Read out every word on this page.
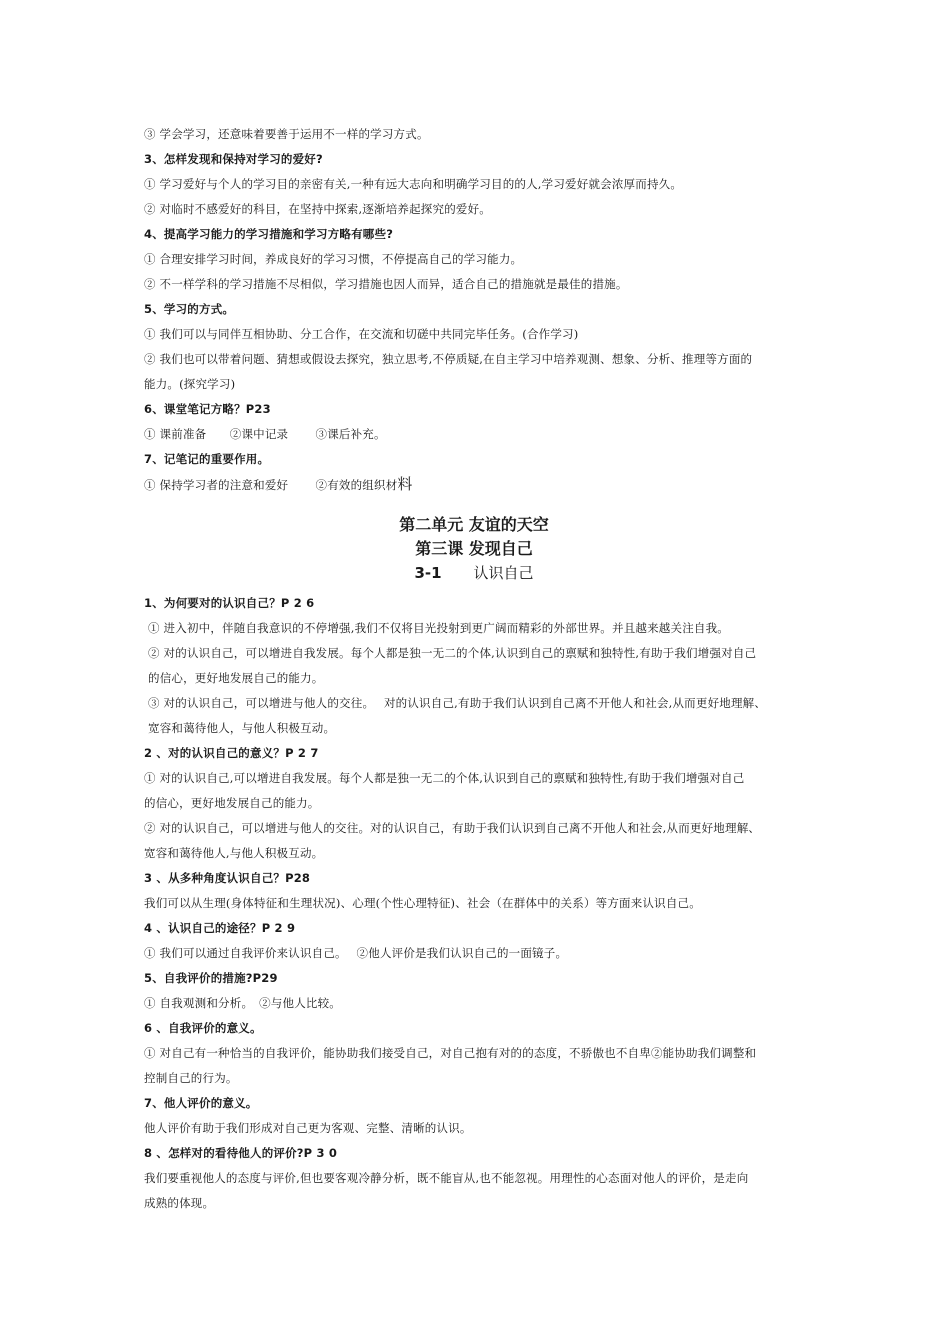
③ 学会学习，还意味着要善于运用不一样的学习方式。
3、怎样发现和保持对学习的爱好?
① 学习爱好与个人的学习目的亲密有关,一种有远大志向和明确学习目的的人,学习爱好就会浓厚而持久。
② 对临时不感爱好的科目，在坚持中探索,逐渐培养起探究的爱好。
4、提高学习能力的学习措施和学习方略有哪些?
① 合理安排学习时间，养成良好的学习习惯，不停提高自己的学习能力。
② 不一样学科的学习措施不尽相似，学习措施也因人而异，适合自己的措施就是最佳的措施。
5、学习的方式。
① 我们可以与同伴互相协助、分工合作，在交流和切磋中共同完毕任务。(合作学习)
② 我们也可以带着问题、猜想或假设去探究，独立思考,不停质疑,在自主学习中培养观测、想象、分析、推理等方面的
能力。(探究学习)
6、课堂笔记方略？P23
① 课前准备　　②课中记录　　 ③课后补充。
7、记笔记的重要作用。
① 保持学习者的注意和爱好　　 ②有效的组织材料
第二单元 友谊的天空
第三课 发现自己
3-1 认识自己
1、为何要对的认识自己？P 2 6
① 进入初中，伴随自我意识的不停增强,我们不仅将目光投射到更广阔而精彩的外部世界。并且越来越关注自我。
② 对的认识自己，可以增进自我发展。每个人都是独一无二的个体,认识到自己的禀赋和独特性,有助于我们增强对自己
的信心，更好地发展自己的能力。
③ 对的认识自己，可以增进与他人的交往。　 对的认识自己,有助于我们认识到自己离不开他人和社会,从而更好地理解、
宽容和蔼待他人，与他人积极互动。
2 、对的认识自己的意义？P 2 7
① 对的认识自己,可以增进自我发展。每个人都是独一无二的个体,认识到自己的禀赋和独特性,有助于我们增强对自己
的信心，更好地发展自己的能力。
② 对的认识自己，可以增进与他人的交往。对的认识自己，有助于我们认识到自己离不开他人和社会,从而更好地理解、
宽容和蔼待他人,与他人积极互动。
3 、从多种角度认识自己？P28
我们可以从生理(身体特征和生理状况)、心理(个性心理特征)、社会（在群体中的关系）等方面来认识自己。
4 、认识自己的途径？P 2 9
① 我们可以通过自我评价来认识自己。　 ②他人评价是我们认识自己的一面镜子。
5、自我评价的措施?P29
① 自我观测和分析。　②与他人比较。
6 、自我评价的意义。
① 对自己有一种恰当的自我评价，能协助我们接受自己，对自己抱有对的的态度，不骄傲也不自卑②能协助我们调整和
控制自己的行为。
7、他人评价的意义。
他人评价有助于我们形成对自己更为客观、完整、清晰的认识。
8 、怎样对的看待他人的评价?P 3 0
我们要重视他人的态度与评价,但也要客观冷静分析，既不能盲从,也不能忽视。用理性的心态面对他人的评价，是走向
成熟的体现。
